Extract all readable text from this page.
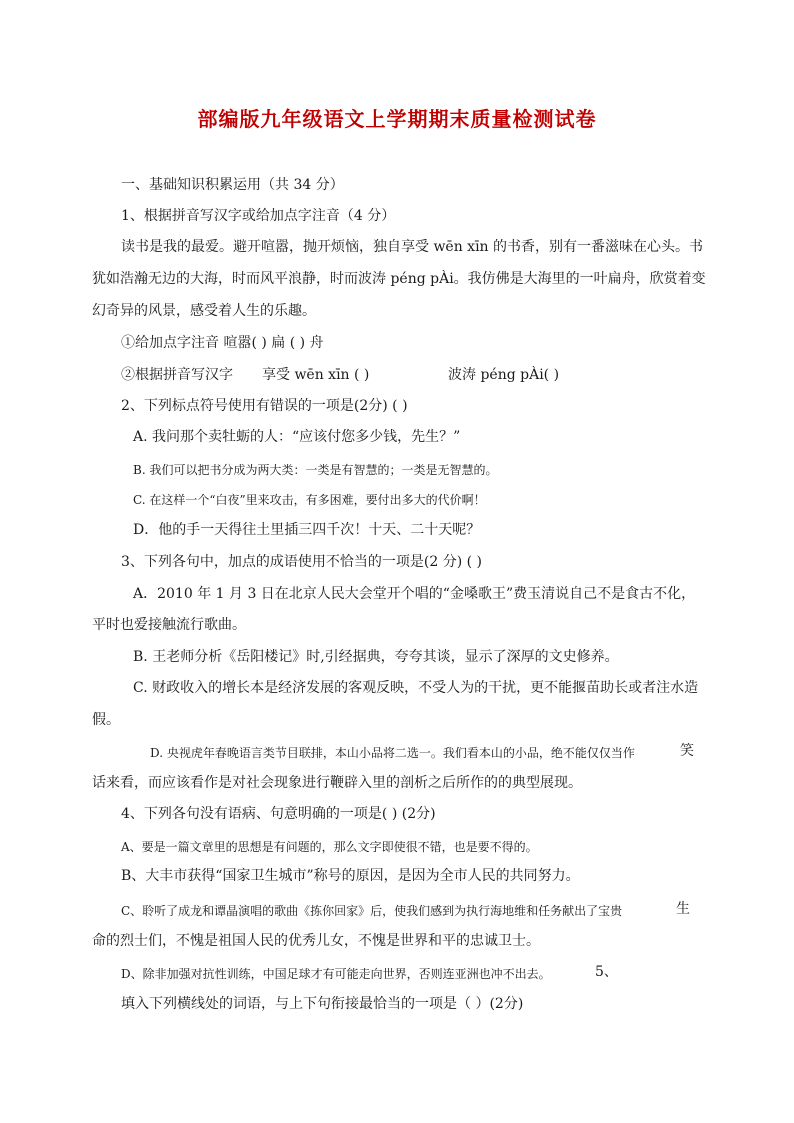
部编版九年级语文上学期期末质量检测试卷
一、基础知识积累运用（共 34 分）
1、根据拼音写汉字或给加点字注音（4 分）
读书是我的最爱。避开喧嚣，抛开烦恼，独自享受 wēn xīn 的书香，别有一番滋味在心头。书
犹如浩瀚无边的大海，时而风平浪静，时而波涛 péng pÀi。我仿佛是大海里的一叶扁舟，欣赏着变
幻奇异的风景，感受着人生的乐趣。
①给加点字注音 喧嚣( ) 扁 ( ) 舟
②根据拼音写汉字 享受 wēn xīn ( )	波涛 péng pÀi( )
2、下列标点符号使用有错误的一项是(2分) ( )
A. 我问那个卖牡蛎的人：“应该付您多少钱，先生？”
B. 我们可以把书分成为两大类：一类是有智慧的；一类是无智慧的。
C. 在这样一个“白夜”里来攻击，有多困难，要付出多大的代价啊！
D．他的手一天得往土里插三四千次！十天、二十天呢？
3、下列各句中，加点的成语使用不恰当的一项是(2 分) ( )
A．2010 年 1 月 3 日在北京人民大会堂开个唱的“金嗓歌王”费玉清说自己不是食古不化，
平时也爱接触流行歌曲。
B. 王老师分析《岳阳楼记》时,引经据典，夸夸其谈，显示了深厚的文史修养。
C. 财政收入的增长本是经济发展的客观反映，不受人为的干扰，更不能揠苗助长或者注水造
假。
D. 央视虎年春晚语言类节目联排，本山小品将二选一。我们看本山的小品，绝不能仅仅当作	笑
话来看，而应该看作是对社会现象进行鞭辟入里的剖析之后所作的的典型展现。
4、下列各句没有语病、句意明确的一项是( ) (2分)
A、要是一篇文章里的思想是有问题的，那么文字即使很不错，也是要不得的。
B、大丰市获得“国家卫生城市”称号的原因，是因为全市人民的共同努力。
C、聆听了成龙和谭晶演唱的歌曲《拣你回家》后，使我们感到为执行海地维和任务献出了宝贵	生
命的烈士们，不愧是祖国人民的优秀儿女，不愧是世界和平的忠诚卫士。
D、除非加强对抗性训练，中国足球才有可能走向世界，否则连亚洲也冲不出去。	5、
填入下列横线处的词语，与上下句衔接最恰当的一项是（ ）(2分)
